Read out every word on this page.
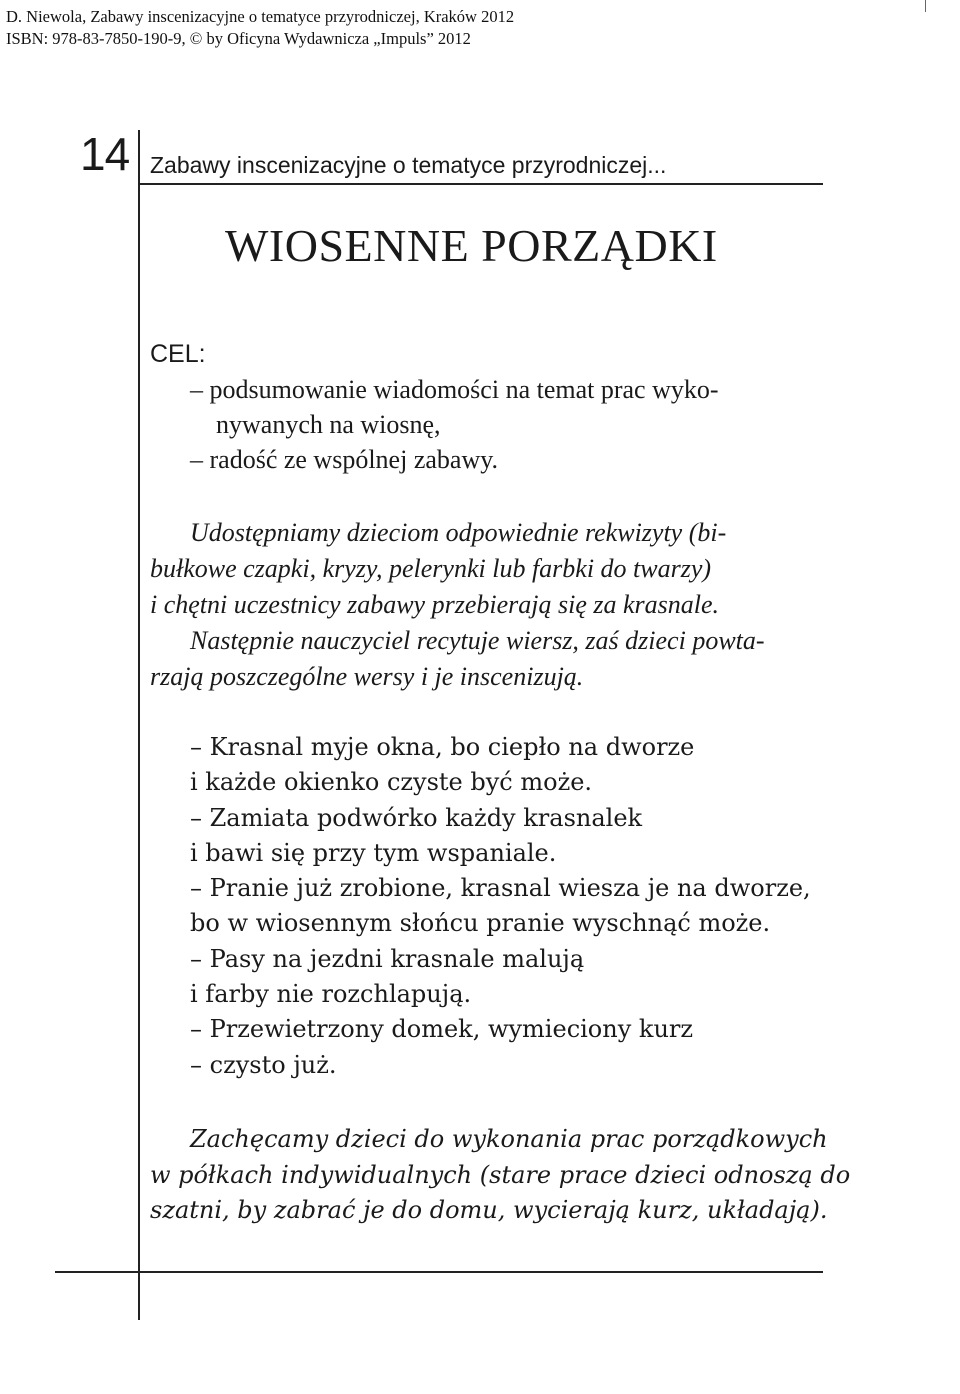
D. Niewola, Zabawy inscenizacyjne o tematyce przyrodniczej, Kraków 2012
ISBN: 978-83-7850-190-9, © by Oficyna Wydawnicza „Impuls” 2012
14 Zabawy inscenizacyjne o tematyce przyrodniczej...
WIOSENNE PORZĄDKI
CEL:
– podsumowanie wiadomości na temat prac wyko-
nywanych na wiosnę,
– radość ze wspólnej zabawy.
Udostępniamy dzieciom odpowiednie rekwizyty (bi-
bułkowe czapki, kryzy, pelerynki lub farbki do twarzy)
i chętni uczestnicy zabawy przebierają się za krasnale.
Następnie nauczyciel recytuje wiersz, zaś dzieci powta-
rzają poszczególne wersy i je inscenizują.
– Krasnal myje okna, bo ciepło na dworze
i każde okienko czyste być może.
– Zamiata podwórko każdy krasnalek
i bawi się przy tym wspaniale.
– Pranie już zrobione, krasnal wiesza je na dworze,
bo w wiosennym słońcu pranie wyschnąć może.
– Pasy na jezdni krasnale malują
i farby nie rozchlapują.
– Przewietrzony domek, wymieciony kurz
– czysto już.
Zachęcamy dzieci do wykonania prac porządkowych
w półkach indywidualnych (stare prace dzieci odnoszą do
szatni, by zabrać je do domu, wycierają kurz, układają).
